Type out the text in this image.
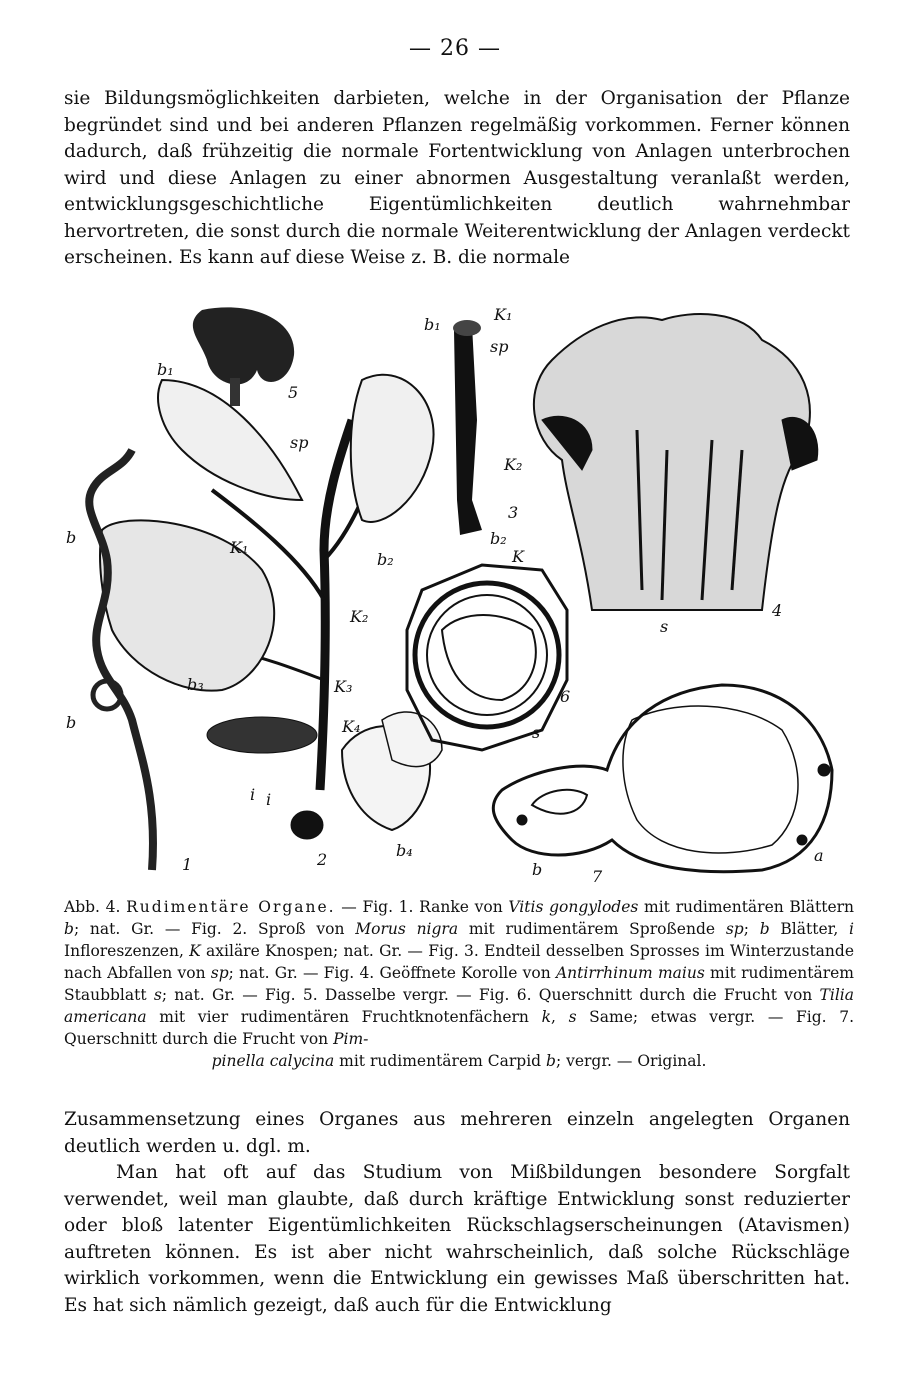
— 26 —

sie Bildungsmöglichkeiten darbieten, welche in der Organisation der Pflanze begründet sind und bei anderen Pflanzen regelmäßig vorkommen. Ferner können dadurch, daß frühzeitig die normale Fortentwicklung von Anlagen unterbrochen wird und diese Anlagen zu einer abnormen Ausgestaltung veranlaßt werden, entwicklungsgeschichtliche Eigentümlichkeiten deutlich wahrnehmbar hervortreten, die sonst durch die normale Weiterentwicklung der Anlagen verdeckt erscheinen. Es kann auf diese Weise z. B. die normale

b₁
5
sp
b
K₁
b₂
K₂
b₃	K₃
K₄
i i
b
1	2	b₄
b₁
K₁
sp
K₂
3
b₂
K
6
s
s
4
b	7
a

Abb. 4. Rudimentäre Organe. — Fig. 1. Ranke von Vitis gongylodes mit rudimentären Blättern b; nat. Gr. — Fig. 2. Sproß von Morus nigra mit rudimentärem Sproßende sp; b Blätter, i Infloreszenzen, K axiläre Knospen; nat. Gr. — Fig. 3. Endteil desselben Sprosses im Winterzustande nach Abfallen von sp; nat. Gr. — Fig. 4. Geöffnete Korolle von Antirrhinum maius mit rudimentärem Staubblatt s; nat. Gr. — Fig. 5. Dasselbe vergr. — Fig. 6. Querschnitt durch die Frucht von Tilia americana mit vier rudimentären Fruchtknotenfächern k, s Same; etwas vergr. — Fig. 7. Querschnitt durch die Frucht von Pim-
pinella calycina mit rudimentärem Carpid b; vergr. — Original.

Zusammensetzung eines Organes aus mehreren einzeln angelegten Organen deutlich werden u. dgl. m.

Man hat oft auf das Studium von Mißbildungen besondere Sorgfalt verwendet, weil man glaubte, daß durch kräftige Entwicklung sonst reduzierter oder bloß latenter Eigentümlichkeiten Rückschlagserscheinungen (Atavismen) auftreten können. Es ist aber nicht wahrscheinlich, daß solche Rückschläge wirklich vorkommen, wenn die Entwicklung ein gewisses Maß überschritten hat. Es hat sich nämlich gezeigt, daß auch für die Entwicklung
